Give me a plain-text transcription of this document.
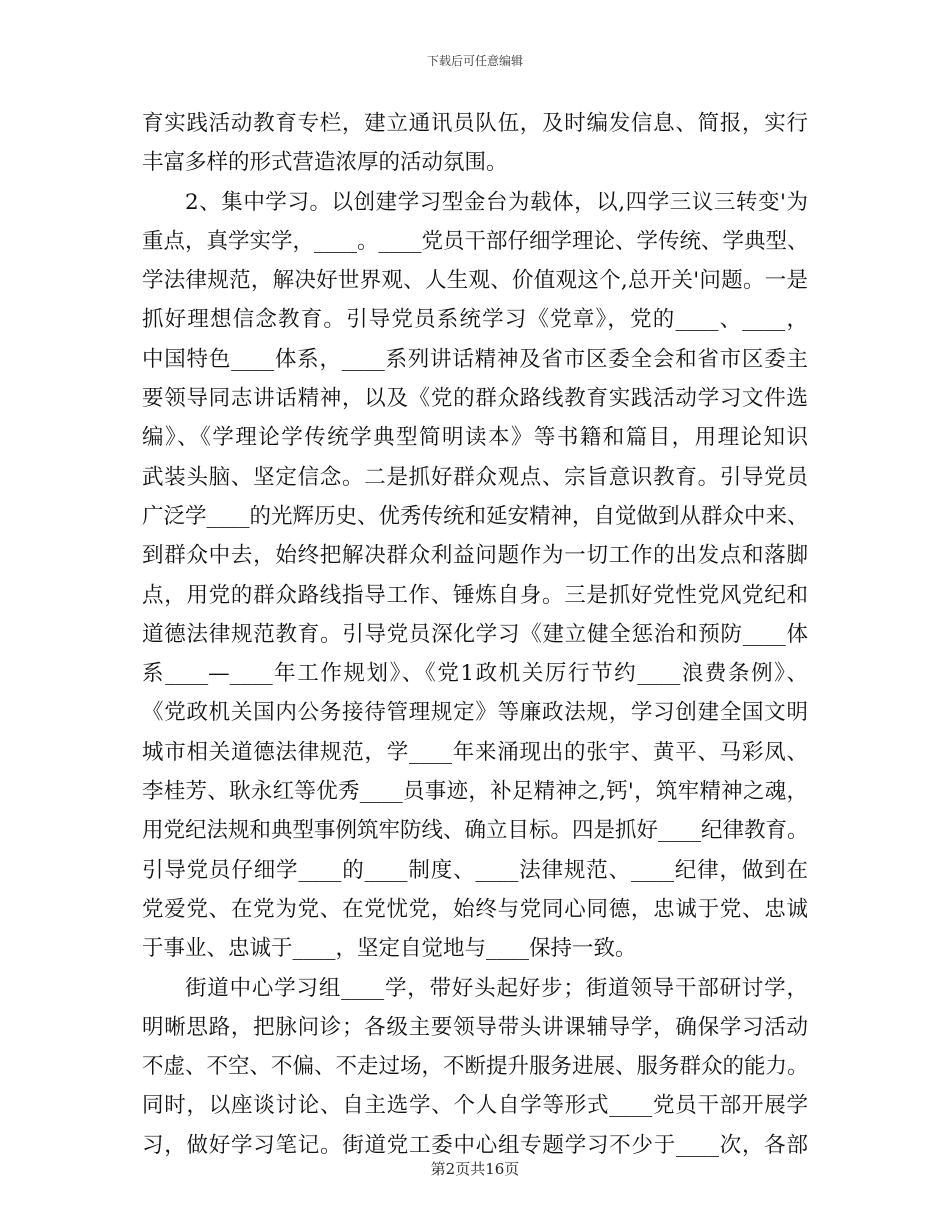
下载后可任意编辑
育实践活动教育专栏，建立通讯员队伍，及时编发信息、简报，实行
丰富多样的形式营造浓厚的活动氛围。
2、集中学习。以创建学习型金台为载体，以,四学三议三转变'为
重点，真学实学，____。____党员干部仔细学理论、学传统、学典型、
学法律规范，解决好世界观、人生观、价值观这个,总开关'问题。一是
抓好理想信念教育。引导党员系统学习《党章》，党的____、____，
中国特色____体系，____系列讲话精神及省市区委全会和省市区委主
要领导同志讲话精神，以及《党的群众路线教育实践活动学习文件选
编》、《学理论学传统学典型简明读本》等书籍和篇目，用理论知识
武装头脑、坚定信念。二是抓好群众观点、宗旨意识教育。引导党员
广泛学____的光辉历史、优秀传统和延安精神，自觉做到从群众中来、
到群众中去，始终把解决群众利益问题作为一切工作的出发点和落脚
点，用党的群众路线指导工作、锤炼自身。三是抓好党性党风党纪和
道德法律规范教育。引导党员深化学习《建立健全惩治和预防____体
系____—____年工作规划》、《党1政机关厉行节约____浪费条例》、
《党政机关国内公务接待管理规定》等廉政法规，学习创建全国文明
城市相关道德法律规范，学____年来涌现出的张宇、黄平、马彩凤、
李桂芳、耿永红等优秀____员事迹，补足精神之,钙'，筑牢精神之魂，
用党纪法规和典型事例筑牢防线、确立目标。四是抓好____纪律教育。
引导党员仔细学____的____制度、____法律规范、____纪律，做到在
党爱党、在党为党、在党忧党，始终与党同心同德，忠诚于党、忠诚
于事业、忠诚于____，坚定自觉地与____保持一致。
街道中心学习组____学，带好头起好步；街道领导干部研讨学，
明晰思路，把脉问诊；各级主要领导带头讲课辅导学，确保学习活动
不虚、不空、不偏、不走过场，不断提升服务进展、服务群众的能力。
同时，以座谈讨论、自主选学、个人自学等形式____党员干部开展学
习，做好学习笔记。街道党工委中心组专题学习不少于____次，各部
第2页共16页
